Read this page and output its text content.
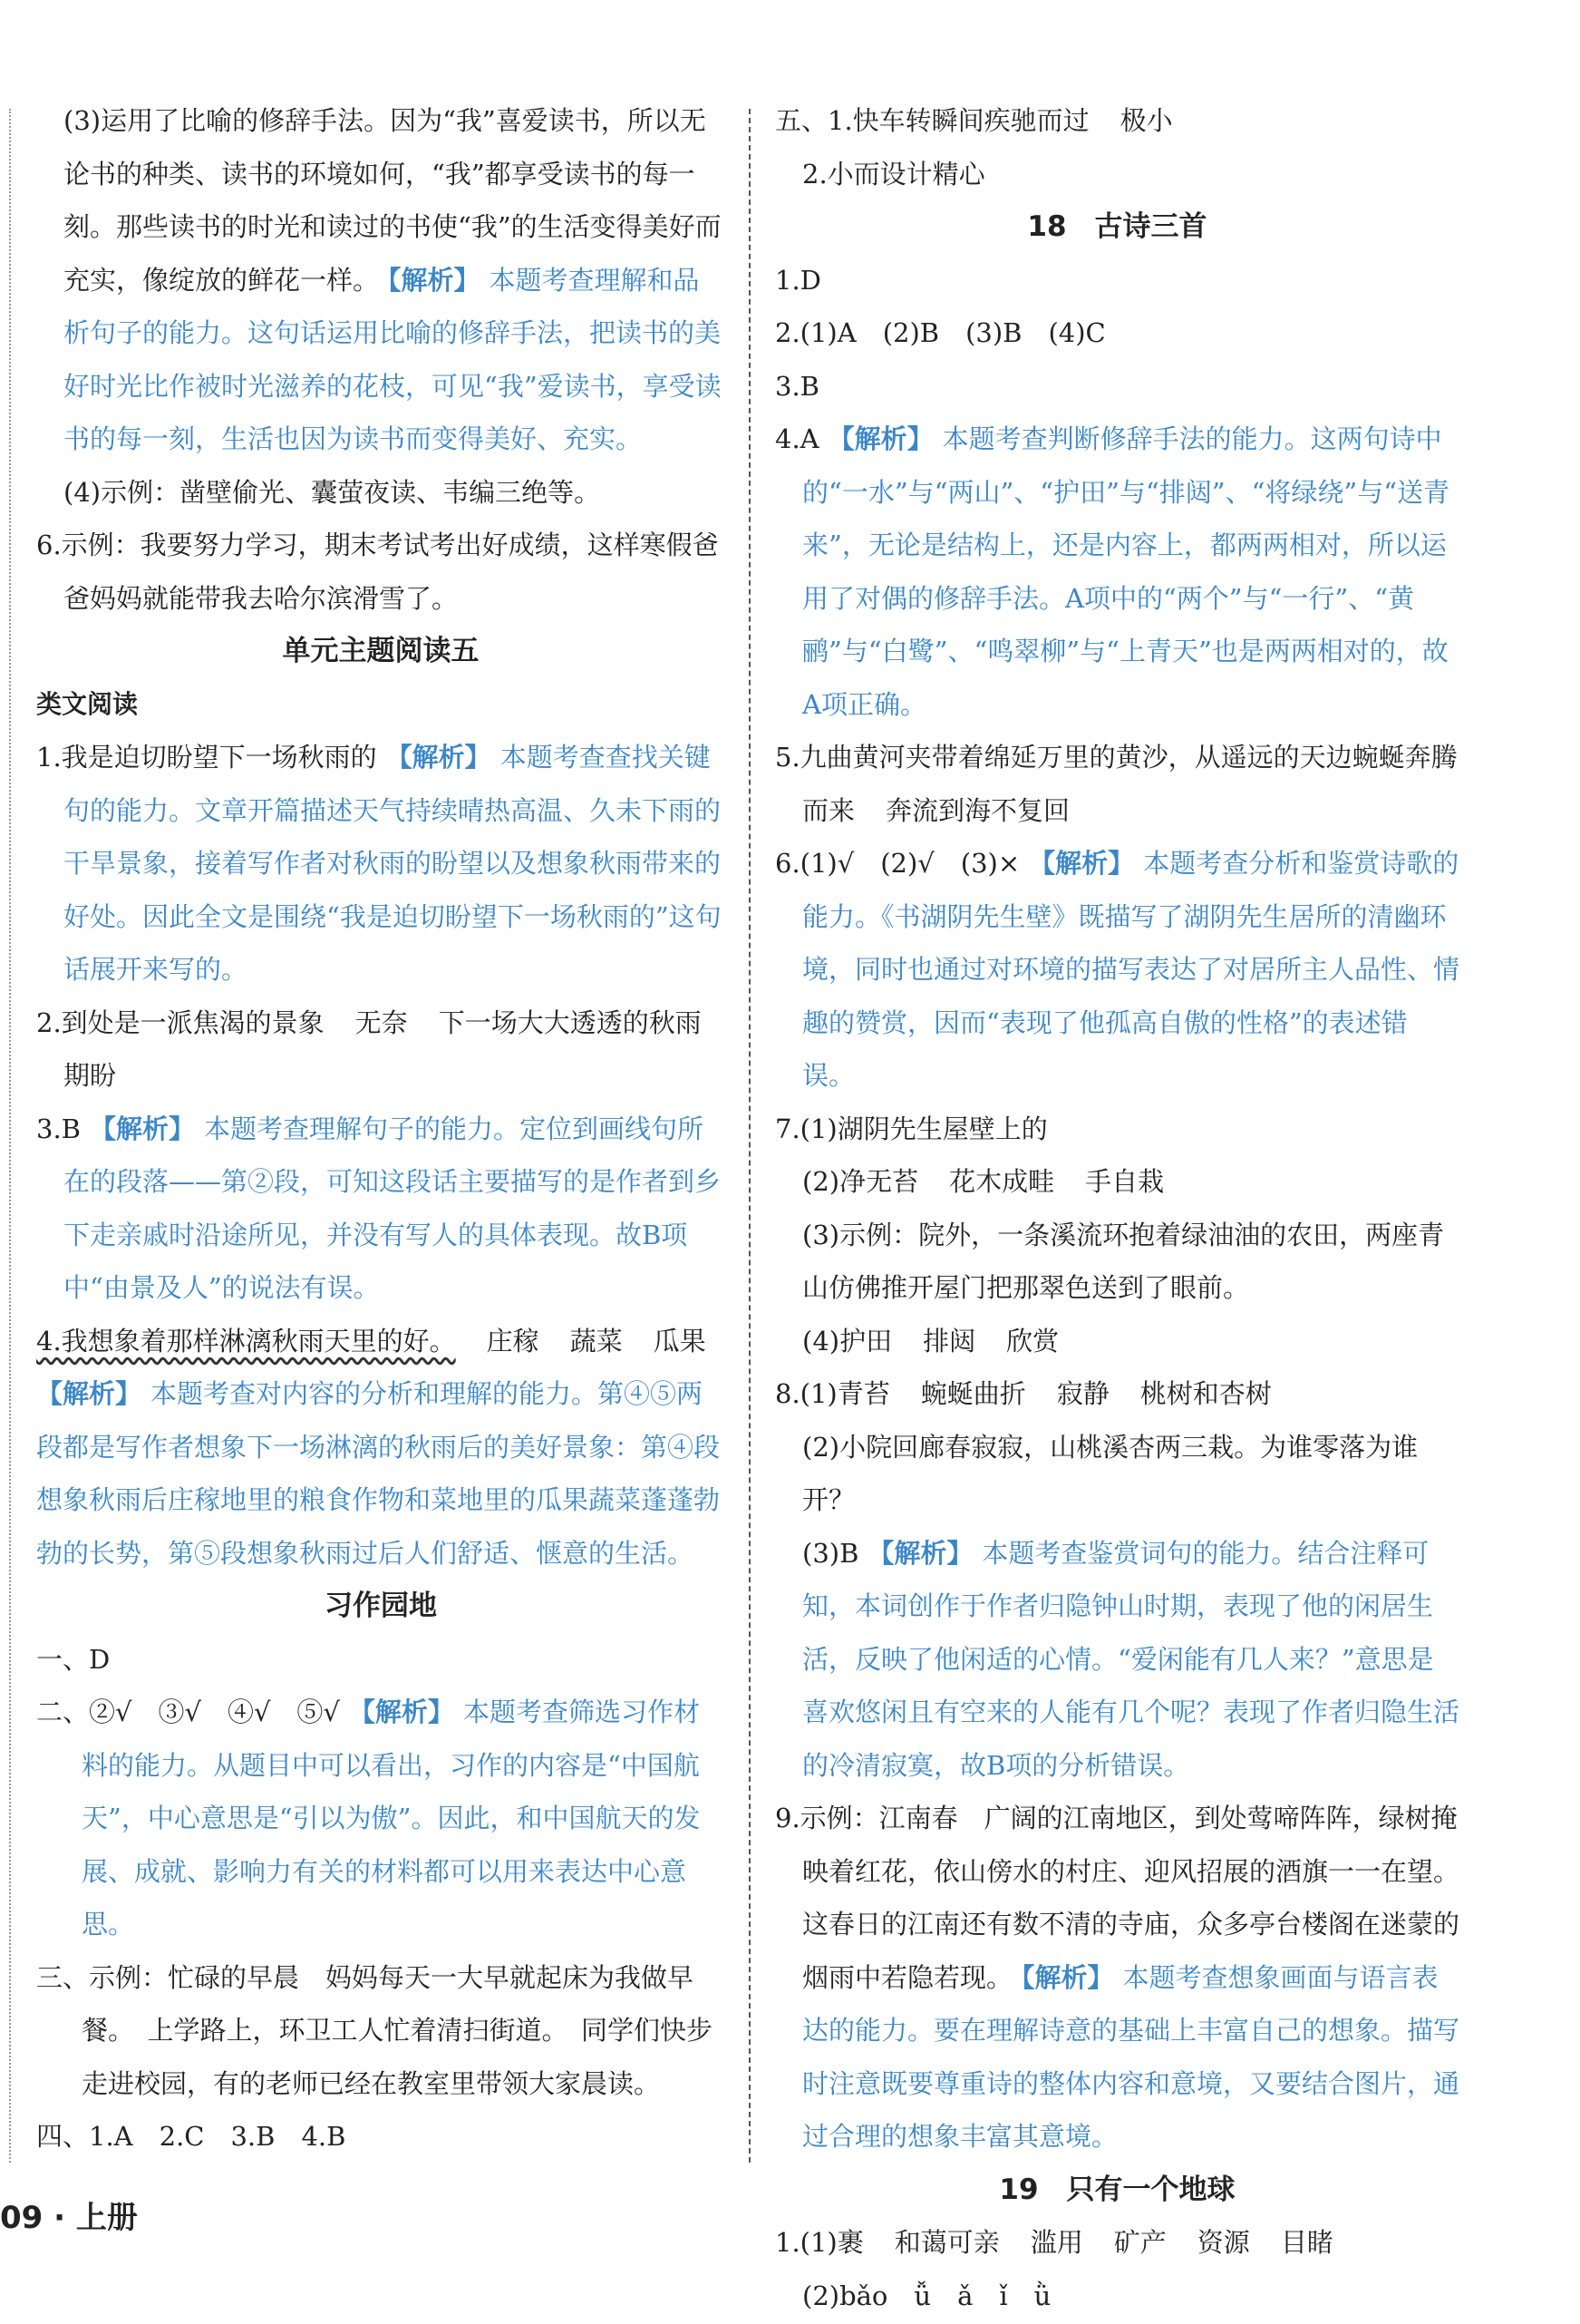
(3)运用了比喻的修辞手法。因为“我”喜爱读书，所以无论书的种类、读书的环境如何，“我”都享受读书的每一刻。那些读书的时光和读过的书使“我”的生活变得美好而充实，像绽放的鲜花一样。 【解析】 本题考查理解和品析句子的能力。这句话运用比喻的修辞手法，把读书的美好时光比作被时光滋养的花枝，可见“我”爱读书，享受读书的每一刻，生活也因为读书而变得美好、充实。

(4)示例：凿壁偷光、囊萤夜读、韦编三绝等。

6.示例：我要努力学习，期末考试考出好成绩，这样寒假爸爸妈妈就能带我去哈尔滨滑雪了。

单元主题阅读五

类文阅读

1.我是迫切盼望下一场秋雨的 【解析】 本题考查查找关键句的能力。文章开篇描述天气持续晴热高温、久未下雨的干旱景象，接着写作者对秋雨的盼望以及想象秋雨带来的好处。因此全文是围绕“我是迫切盼望下一场秋雨的”这句话展开来写的。

2.到处是一派焦渴的景象 无奈 下一场大大透透的秋雨
期盼

3.B 【解析】 本题考查理解句子的能力。定位到画线句所在的段落——第②段，可知这段话主要描写的是作者到乡下走亲戚时沿途所见，并没有写人的具体表现。故B项中“由景及人”的说法有误。

4.我想象着那样淋漓秋雨天里的好。 庄稼 蔬菜 瓜果
【解析】 本题考查对内容的分析和理解的能力。第④⑤两段都是写作者想象下一场淋漓的秋雨后的美好景象：第④段想象秋雨后庄稼地里的粮食作物和菜地里的瓜果蔬菜蓬蓬勃勃的长势，第⑤段想象秋雨过后人们舒适、惬意的生活。

习作园地

一、D

二、②√　③√　④√　⑤√ 【解析】 本题考查筛选习作材料的能力。从题目中可以看出，习作的内容是“中国航天”，中心意思是“引以为傲”。因此，和中国航天的发展、成就、影响力有关的材料都可以用来表达中心意思。

三、示例：忙碌的早晨　妈妈每天一大早就起床为我做早餐。　上学路上，环卫工人忙着清扫街道。　同学们快步走进校园，有的老师已经在教室里带领大家晨读。

四、1.A　2.C　3.B　4.B

五、1.快车转瞬间疾驰而过 极小

2.小而设计精心

18　古诗三首

1.D

2.(1)A　(2)B　(3)B　(4)C

3.B

4.A 【解析】 本题考查判断修辞手法的能力。这两句诗中的“一水”与“两山”、“护田”与“排闼”、“将绿绕”与“送青来”，无论是结构上，还是内容上，都两两相对，所以运用了对偶的修辞手法。A项中的“两个”与“一行”、“黄鹂”与“白鹭”、“鸣翠柳”与“上青天”也是两两相对的，故A项正确。

5.九曲黄河夹带着绵延万里的黄沙，从遥远的天边蜿蜒奔腾而来 奔流到海不复回

6.(1)√　(2)√　(3)× 【解析】 本题考查分析和鉴赏诗歌的能力。《书湖阴先生壁》既描写了湖阴先生居所的清幽环境，同时也通过对环境的描写表达了对居所主人品性、情趣的赞赏，因而“表现了他孤高自傲的性格”的表述错误。

7.(1)湖阴先生屋壁上的

(2)净无苔 花木成畦 手自栽

(3)示例：院外，一条溪流环抱着绿油油的农田，两座青山仿佛推开屋门把那翠色送到了眼前。

(4)护田 排闼 欣赏

8.(1)青苔 蜿蜒曲折 寂静 桃树和杏树

(2)小院回廊春寂寂，山桃溪杏两三栽。为谁零落为谁开？

(3)B 【解析】 本题考查鉴赏词句的能力。结合注释可知，本词创作于作者归隐钟山时期，表现了他的闲居生活，反映了他闲适的心情。“爱闲能有几人来？”意思是喜欢悠闲且有空来的人能有几个呢？表现了作者归隐生活的冷清寂寞，故B项的分析错误。

9.示例：江南春　广阔的江南地区，到处莺啼阵阵，绿树掩映着红花，依山傍水的村庄、迎风招展的酒旗一一在望。这春日的江南还有数不清的寺庙，众多亭台楼阁在迷蒙的烟雨中若隐若现。 【解析】 本题考查想象画面与语言表达的能力。要在理解诗意的基础上丰富自己的想象。描写时注意既要尊重诗的整体内容和意境，又要结合图片，通过合理的想象丰富其意境。

19　只有一个地球

1.(1)裹 和蔼可亲 滥用 矿产 资源 目睹

(2)bǎo　ǚ　ǎ　ǐ　ǜ

09 · 上册
